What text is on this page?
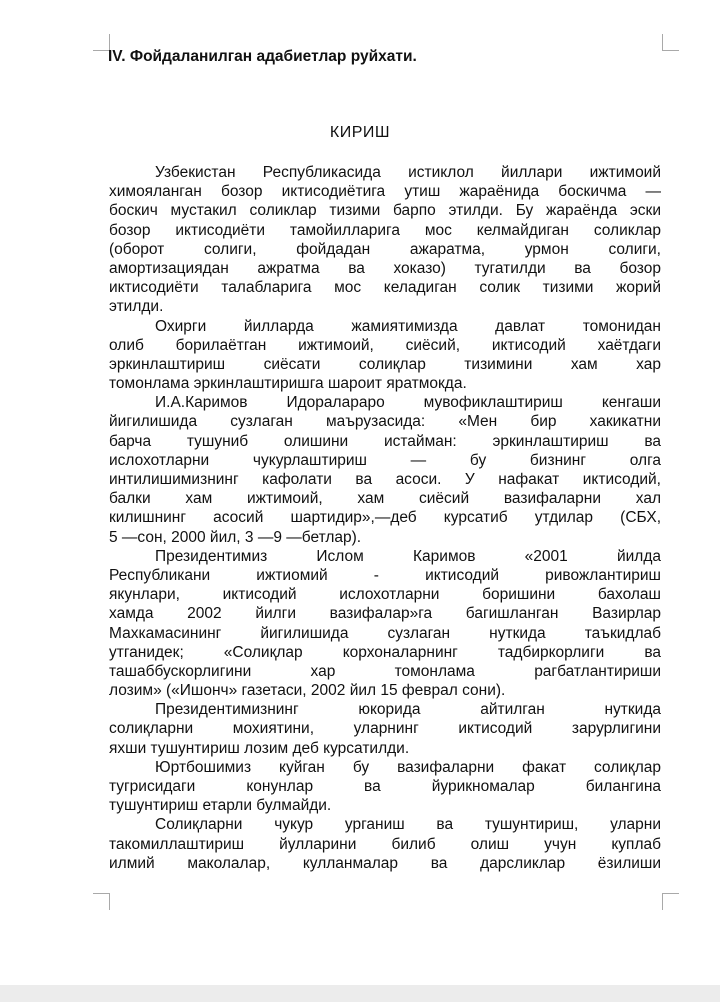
IV. Фойдаланилган адабиетлар руйхати.

КИРИШ

Узбекистан Республикасида истиклол йиллари ижтимоий
химояланган бозор иктисодиётига утиш жараёнида боскичма —
боскич мустакил соликлар тизими барпо этилди. Бу жараёнда эски
бозор иктисодиёти тамойилларига мос келмайдиган соликлар
(оборот солиги, фойдадан ажаратма, урмон солиги,
амортизациядан ажратма ва хоказо) тугатилди ва бозор
иктисодиёти талабларига мос келадиган солик тизими жорий
этилди.
Охирги йилларда жамиятимизда давлат томонидан
олиб борилаётган ижтимоий, сиёсий, иктисодий хаётдаги
эркинлаштириш сиёсати солиқлар тизимини хам хар
томонлама эркинлаштиришга шароит яратмокда.
И.А.Каримов Идоралараро мувофиклаштириш кенгаши
йигилишида сузлаган маърузасида: «Мен бир хакикатни
барча тушуниб олишини истайман: эркинлаштириш ва
ислохотларни чукурлаштириш — бу бизнинг олга
интилишимизнинг кафолати ва асоси. У нафакат иктисодий,
балки хам ижтимоий, хам сиёсий вазифаларни хал
килишнинг асосий шартидир»,—деб курсатиб утдилар (СБХ,
5 —сон, 2000 йил, 3 —9 —бетлар).
Президентимиз Ислом Каримов «2001 йилда
Республикани ижтиомий - иктисодий ривожлантириш
якунлари, иктисодий ислохотларни боришини бахолаш
хамда 2002 йилги вазифалар»га багишланган Вазирлар
Махкамасининг йигилишида сузлаган нуткида таъкидлаб
утганидек; «Солиқлар корхоналарнинг тадбиркорлиги ва
ташаббускорлигини хар томонлама рагбатлантириши
лозим» («Ишонч» газетаси, 2002 йил 15 феврал сони).
Президентимизнинг юкорида айтилган нуткида
солиқларни мохиятини, уларнинг иктисодий зарурлигини
яхши тушунтириш лозим деб курсатилди.
Юртбошимиз куйган бу вазифаларни факат солиқлар
тугрисидаги конунлар ва йурикномалар билангина
тушунтириш етарли булмайди.
Солиқларни чукур урганиш ва тушунтириш, уларни
такомиллаштириш йулларини билиб олиш учун куплаб
илмий маколалар, кулланмалар ва дарсликлар ёзилиши
